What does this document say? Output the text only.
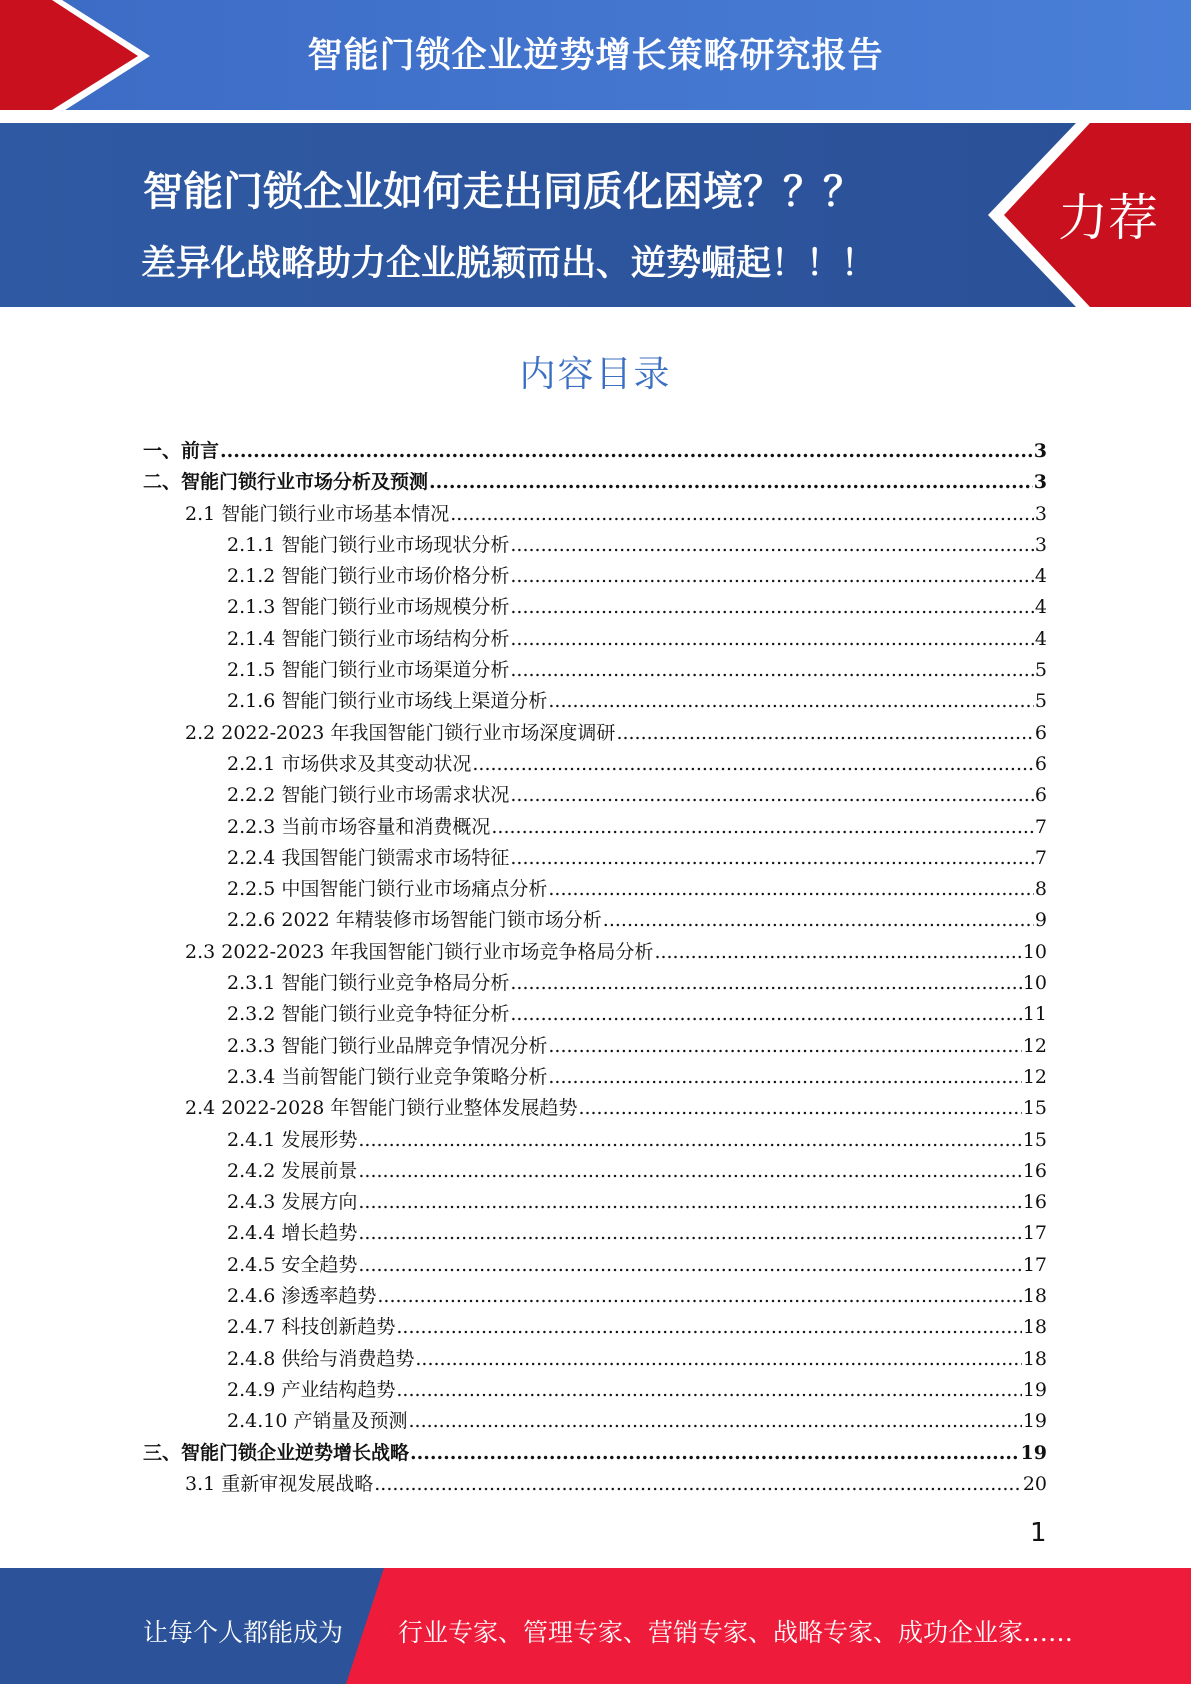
智能门锁企业逆势增长策略研究报告
智能门锁企业如何走出同质化困境？？？
差异化战略助力企业脱颖而出、逆势崛起！！！
力荐
内容目录
一、前言 .....	3
二、智能门锁行业市场分析及预测 .....	3
2.1 智能门锁行业市场基本情况 .....	3
2.1.1 智能门锁行业市场现状分析 .....	3
2.1.2 智能门锁行业市场价格分析 .....	4
2.1.3 智能门锁行业市场规模分析 .....	4
2.1.4 智能门锁行业市场结构分析 .....	4
2.1.5 智能门锁行业市场渠道分析 .....	5
2.1.6 智能门锁行业市场线上渠道分析 .....	5
2.2 2022-2023 年我国智能门锁行业市场深度调研 .....	6
2.2.1 市场供求及其变动状况 .....	6
2.2.2 智能门锁行业市场需求状况 .....	6
2.2.3 当前市场容量和消费概况 .....	7
2.2.4 我国智能门锁需求市场特征 .....	7
2.2.5 中国智能门锁行业市场痛点分析 .....	8
2.2.6 2022 年精装修市场智能门锁市场分析 .....	9
2.3 2022-2023 年我国智能门锁行业市场竞争格局分析 .....	10
2.3.1 智能门锁行业竞争格局分析 .....	10
2.3.2 智能门锁行业竞争特征分析 .....	11
2.3.3 智能门锁行业品牌竞争情况分析 .....	12
2.3.4 当前智能门锁行业竞争策略分析 .....	12
2.4 2022-2028 年智能门锁行业整体发展趋势 .....	15
2.4.1 发展形势 .....	15
2.4.2 发展前景 .....	16
2.4.3 发展方向 .....	16
2.4.4 增长趋势 .....	17
2.4.5 安全趋势 .....	17
2.4.6 渗透率趋势 .....	18
2.4.7 科技创新趋势 .....	18
2.4.8 供给与消费趋势 .....	18
2.4.9 产业结构趋势 .....	19
2.4.10 产销量及预测 .....	19
三、智能门锁企业逆势增长战略 .....	19
3.1 重新审视发展战略 .....	20
1
让每个人都能成为 行业专家、管理专家、营销专家、战略专家、成功企业家……
